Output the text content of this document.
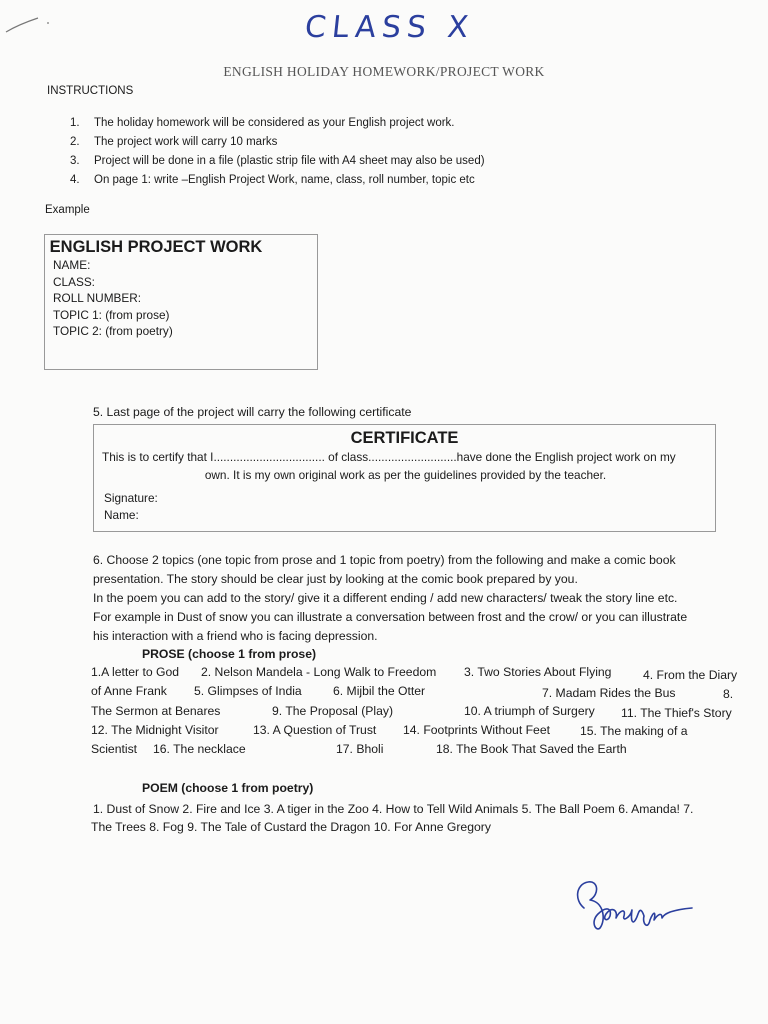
CLASS X
ENGLISH HOLIDAY HOMEWORK/PROJECT WORK
INSTRUCTIONS
1. The holiday homework will be considered as your English project work.
2. The project work will carry 10 marks
3. Project will be done in a file (plastic strip file with A4 sheet may also be used)
4. On page 1: write –English Project Work, name, class, roll number, topic etc
Example
ENGLISH PROJECT WORK
NAME:
CLASS:
ROLL NUMBER:
TOPIC 1: (from prose)
TOPIC 2: (from poetry)
5. Last page of the project will carry the following certificate
CERTIFICATE
This is to certify that I.................................. of class...........................have done the English project work on my
own. It is my own original work as per the guidelines provided by the teacher.
Signature:
Name:
6. Choose 2 topics (one topic from prose and 1 topic from poetry) from the following and make a comic book
presentation. The story should be clear just by looking at the comic book prepared by you.
In the poem you can add to the story/ give it a different ending / add new characters/ tweak the story line etc.
For example in Dust of snow you can illustrate a conversation between frost and the crow/ or you can illustrate
his interaction with a friend who is facing depression.
PROSE (choose 1 from prose)
1.A letter to God 2. Nelson Mandela - Long Walk to Freedom 3. Two Stories About Flying	4. From the Diary
of Anne Frank 5. Glimpses of India	6. Mijbil the Otter	7. Madam Rides the Bus	8.
The Sermon at Benares	9. The Proposal (Play)	10. A triumph of Surgery 11. The Thief's Story
12. The Midnight Visitor	13. A Question of Trust 14. Footprints Without Feet 15. The making of a
Scientist 16. The necklace	17. Bholi	18. The Book That Saved the Earth
POEM (choose 1 from poetry)
1. Dust of Snow 2. Fire and Ice 3. A tiger in the Zoo 4. How to Tell Wild Animals 5. The Ball Poem 6. Amanda! 7.
The Trees 8. Fog 9. The Tale of Custard the Dragon 10. For Anne Gregory
